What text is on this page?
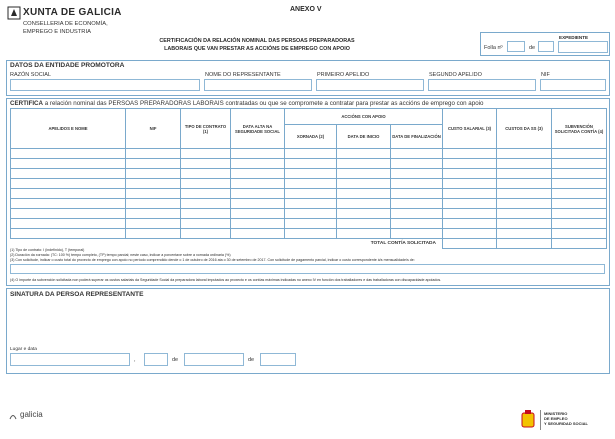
XUNTA DE GALICIA
CONSELLERIA DE ECONOMÍA,
EMPREGO E INDUSTRIA
ANEXO V
CERTIFICACIÓN DA RELACIÓN NOMINAL DAS PERSOAS PREPARADORAS
LABORAIS QUE VAN PRESTAR AS ACCIÓNS DE EMPREGO CON APOIO
EXPEDIENTE
Folla nº	de
DATOS DA ENTIDADE PROMOTORA
RAZÓN SOCIAL	NOME DO REPRESENTANTE	PRIMEIRO APELIDO	SEGUNDO APELIDO	NIF
CERTIFICA a relación nominal das PERSOAS PREPARADORAS LABORAIS contratadas ou que se compromete a contratar para prestar as accións de emprego con apoio
APELIDOS E NOME	NIF	TIPO DE CONTRATO (1)	DATA ALTA NA SEGURIDADE SOCIAL	ACCIÓNS CON APOIO			CUSTO SALARIAL (3)	CUSTOS DA SS (3)	SUBVENCIÓN SOLICITADA CONTÍA (4)
				XORNADA (2)	DATA DE INICIO	DATA DE FINALIZACIÓN			

TOTAL CONTÍA SOLICITADA									
(1) Tipo de contrato: I (indefinido), T (temporal)
(2) Duración da xornada: (TC: 100 %) tempo completo, (TP) tempo parcial; neste caso, indicar a porcentaxe sobre a xornada ordinaria (%)
(3) Con solicitude, indicar o custo total do proxecto de emprego con apoio no período comprendido dende o 1 de outubro de 2016 ata o 30 de setembro de 2017. Con solicitude de pagamento parcial, indicar o custo correspondente á/s mensualidade/s de:
(4) O importe da subvención solicitada non poderá superar os custos salariais da Seguridade Social da preparadora laboral imputados ao proxecto e os contías máximas indicadas no anexo IV en función dos traballadores e das traballadoras con discapacidade apoiados.
SINATURA DA PERSOA REPRESENTANTE
Lugar e data
,	de	de
galicia	MINISTERIO
DE EMPLEO
Y SEGURIDAD SOCIAL
